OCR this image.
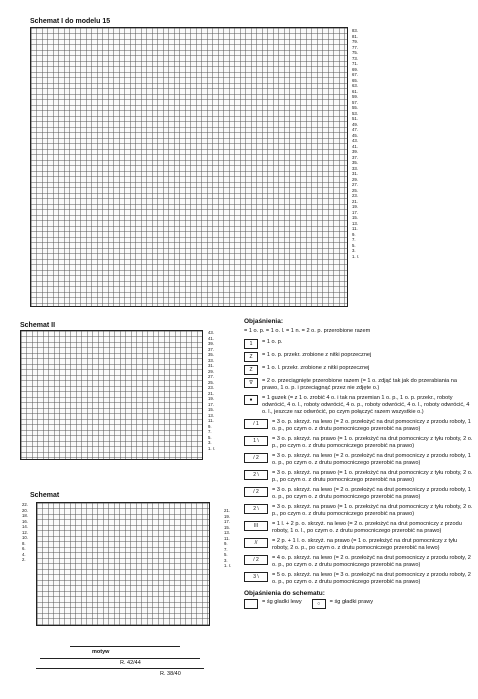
Schemat I do modelu 15
83.
81.
79.
77.
75.
73.
71.
69.
67.
65.
63.
61.
59.
57.
55.
53.
51.
49.
47.
45.
43.
41.
39.
37.
35.
33.
31.
29.
27.
25.
23.
21.
19.
17.
15.
13.
11.
9.
7.
5.
3.
1. r.
Schemat II
43.
41.
39.
37.
35.
33.
31.
29.
27.
25.
23.
21.
19.
17.
15.
13.
11.
9.
7.
5.
3.
1. r.
Schemat
22.
20.
18.
16.
14.
12.
10.
8.
6.
4.
2.
21.
19.
17.
15.
13.
11.
9.
7.
5.
3.
1. r.
motyw
R. 42/44
R. 38/40
Objaśnienia:
= 1 o. p. = 1 o. l. = 1 n. = 2 o. p. przerobione razem
1	= 1 o. p.
Z	= 1 o. p. przekr. zrobione z nitki poprzecznej
Z	= 1 o. l. przekr. zrobione z nitki poprzecznej
∇	= 2 o. przeciągnięte przerobione razem (= 1 o. zdjąć tak jak do przerabiania na prawo, 1 o. p. i przeciągnąć przez nie zdjęte o.)
●	= 1 guzek (= z 1 o. zrobić 4 o. i tak na przemian 1 o. p., 1 o. p. przekr., roboty odwrócić, 4 o. l., roboty odwrócić, 4 o. p., roboty odwrócić, 4 o. l., roboty odwrócić, 4 o. l., jeszcze raz odwrócić, po czym połączyć razem wszystkie o.)
/ 1	= 3 o. p. skrzyż. na lewo (= 2 o. przełożyć na drut pomocniczy z przodu roboty, 1 o. p., po czym o. z drutu pomocniczego przerobić na prawo)
1 \	= 3 o. p. skrzyż. na prawo (= 1 o. przełożyć na drut pomocniczy z tyłu roboty, 2 o. p., po czym o. z drutu pomocniczego przerobić na prawo)
/ 2	= 3 o. p. skrzyż. na lewo (= 2 o. przełożyć na drut pomocniczy z przodu roboty, 1 o. p., po czym o. z drutu pomocniczego przerobić na prawo)
2 \	= 3 o. p. skrzyż. na prawo (= 1 o. przełożyć na drut pomocniczy z tyłu roboty, 2 o. p., po czym o. z drutu pomocniczego przerobić na prawo)
/ 2	= 3 o. p. skrzyż. na lewo (= 2 o. przełożyć na drut pomocniczy z przodu roboty, 1 o. p., po czym o. z drutu pomocniczego przerobić na prawo)
2 \	= 3 o. p. skrzyż. na prawo (= 1 o. przełożyć na drut pomocniczy z tyłu roboty, 2 o. p., po czym o. z drutu pomocniczego przerobić na prawo)
III	= 1 l. + 2 p. o. skrzyż. na lewo (= 2 o. przełożyć na drut pomocniczy z przodu roboty, 1 o. l., po czym o. z drutu pomocniczego przerobić na prawo)
//	= 2 p. + 1 l. o. skrzyż. na prawo (= 1 o. przełożyć na drut pomocniczy z tyłu roboty, 2 o. p., po czym o. z drutu pomocniczego przerobić na lewo)
/ 2	= 4 o. p. skrzyż. na lewo (= 2 o. przełożyć na drut pomocniczy z przodu roboty, 2 o. p., po czym o. z drutu pomocniczego przerobić na prawo)
3 \	= 5 o. p. skrzyż. na lewo (= 3 o. przełożyć na drut pomocniczy z przodu roboty, 2 o. p., po czym o. z drutu pomocniczego przerobić na prawo)
Objaśnienia do schematu:
= śg gładki lewy	○	= śg gładki prawy
